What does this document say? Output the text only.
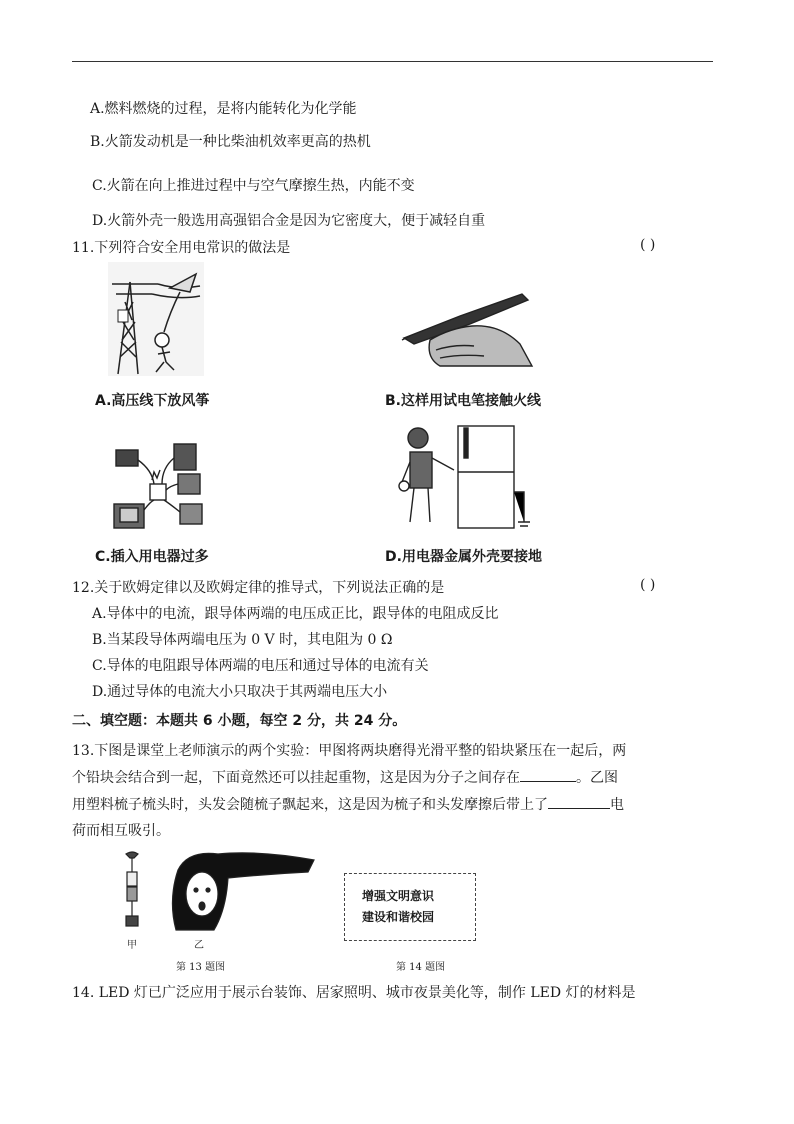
A.燃料燃烧的过程，是将内能转化为化学能
B.火箭发动机是一种比柴油机效率更高的热机
C.火箭在向上推进过程中与空气摩擦生热，内能不变
D.火箭外壳一般选用高强铝合金是因为它密度大，便于减轻自重
11.下列符合安全用电常识的做法是	( )
A.高压线下放风筝	B.这样用试电笔接触火线
C.插入用电器过多	D.用电器金属外壳要接地
12.关于欧姆定律以及欧姆定律的推导式，下列说法正确的是	( )
A.导体中的电流，跟导体两端的电压成正比，跟导体的电阻成反比
B.当某段导体两端电压为 0 V 时，其电阻为 0 Ω
C.导体的电阻跟导体两端的电压和通过导体的电流有关
D.通过导体的电流大小只取决于其两端电压大小
二、填空题：本题共 6 小题，每空 2 分，共 24 分。
13.下图是课堂上老师演示的两个实验：甲图将两块磨得光滑平整的铅块紧压在一起后，两
个铅块会结合到一起，下面竟然还可以挂起重物，这是因为分子之间存在	。乙图
用塑料梳子梳头时，头发会随梳子飘起来，这是因为梳子和头发摩擦后带上了	电
荷而相互吸引。
甲	乙
第 13 题图
增强文明意识
建设和谐校园
第 14 题图
14. LED 灯已广泛应用于展示台装饰、居家照明、城市夜景美化等，制作 LED 灯的材料是
